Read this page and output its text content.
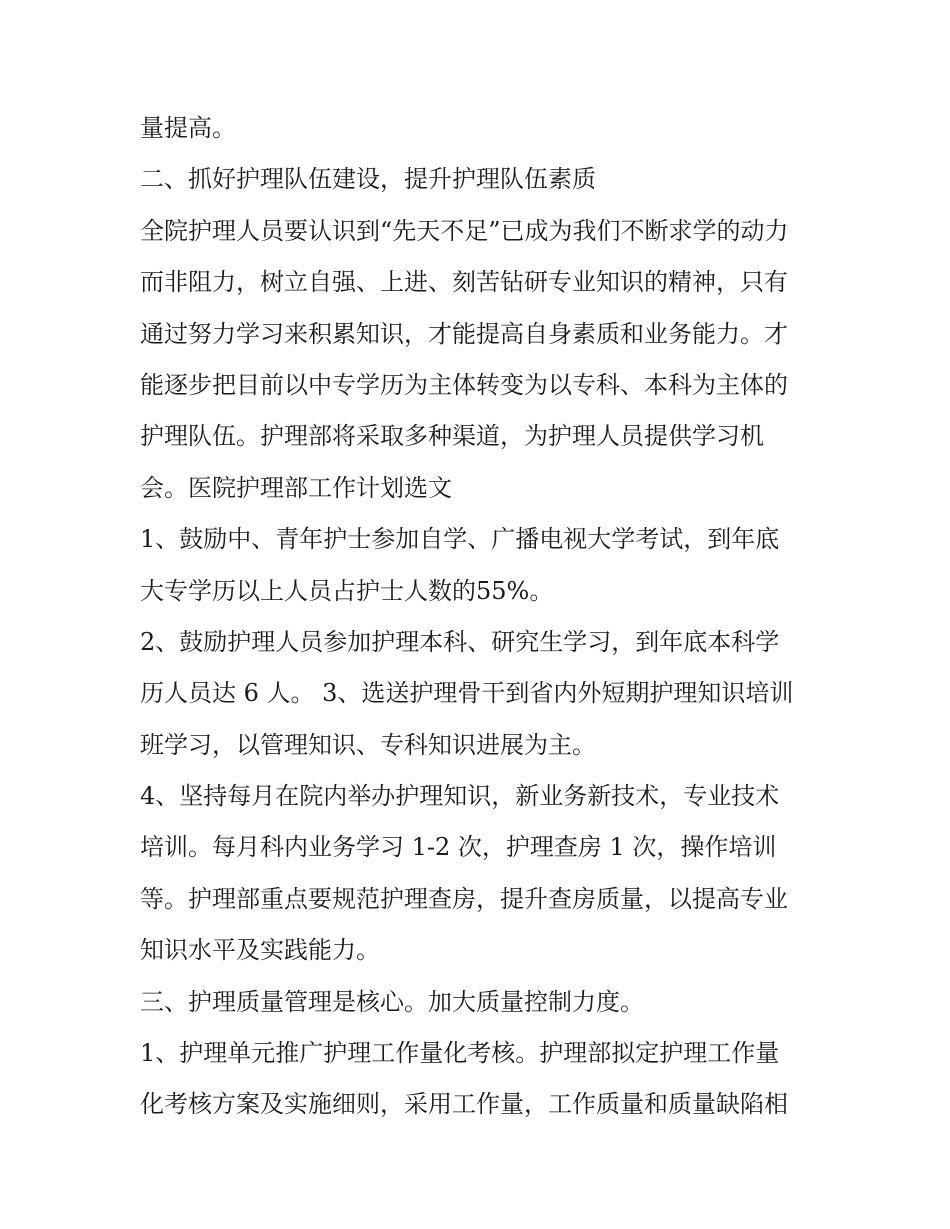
量提高。
二、抓好护理队伍建设，提升护理队伍素质
全院护理人员要认识到“先天不足”已成为我们不断求学的动力
而非阻力，树立自强、上进、刻苦钻研专业知识的精神，只有
通过努力学习来积累知识，才能提高自身素质和业务能力。才
能逐步把目前以中专学历为主体转变为以专科、本科为主体的
护理队伍。护理部将采取多种渠道，为护理人员提供学习机
会。医院护理部工作计划选文
1、鼓励中、青年护士参加自学、广播电视大学考试，到年底
大专学历以上人员占护士人数的55%。
2、鼓励护理人员参加护理本科、研究生学习，到年底本科学
历人员达 6 人。 3、选送护理骨干到省内外短期护理知识培训
班学习，以管理知识、专科知识进展为主。
4、坚持每月在院内举办护理知识，新业务新技术，专业技术
培训。每月科内业务学习 1-2 次，护理查房 1 次，操作培训
等。护理部重点要规范护理查房，提升查房质量，以提高专业
知识水平及实践能力。
三、护理质量管理是核心。加大质量控制力度。
1、护理单元推广护理工作量化考核。护理部拟定护理工作量
化考核方案及实施细则，采用工作量，工作质量和质量缺陷相
